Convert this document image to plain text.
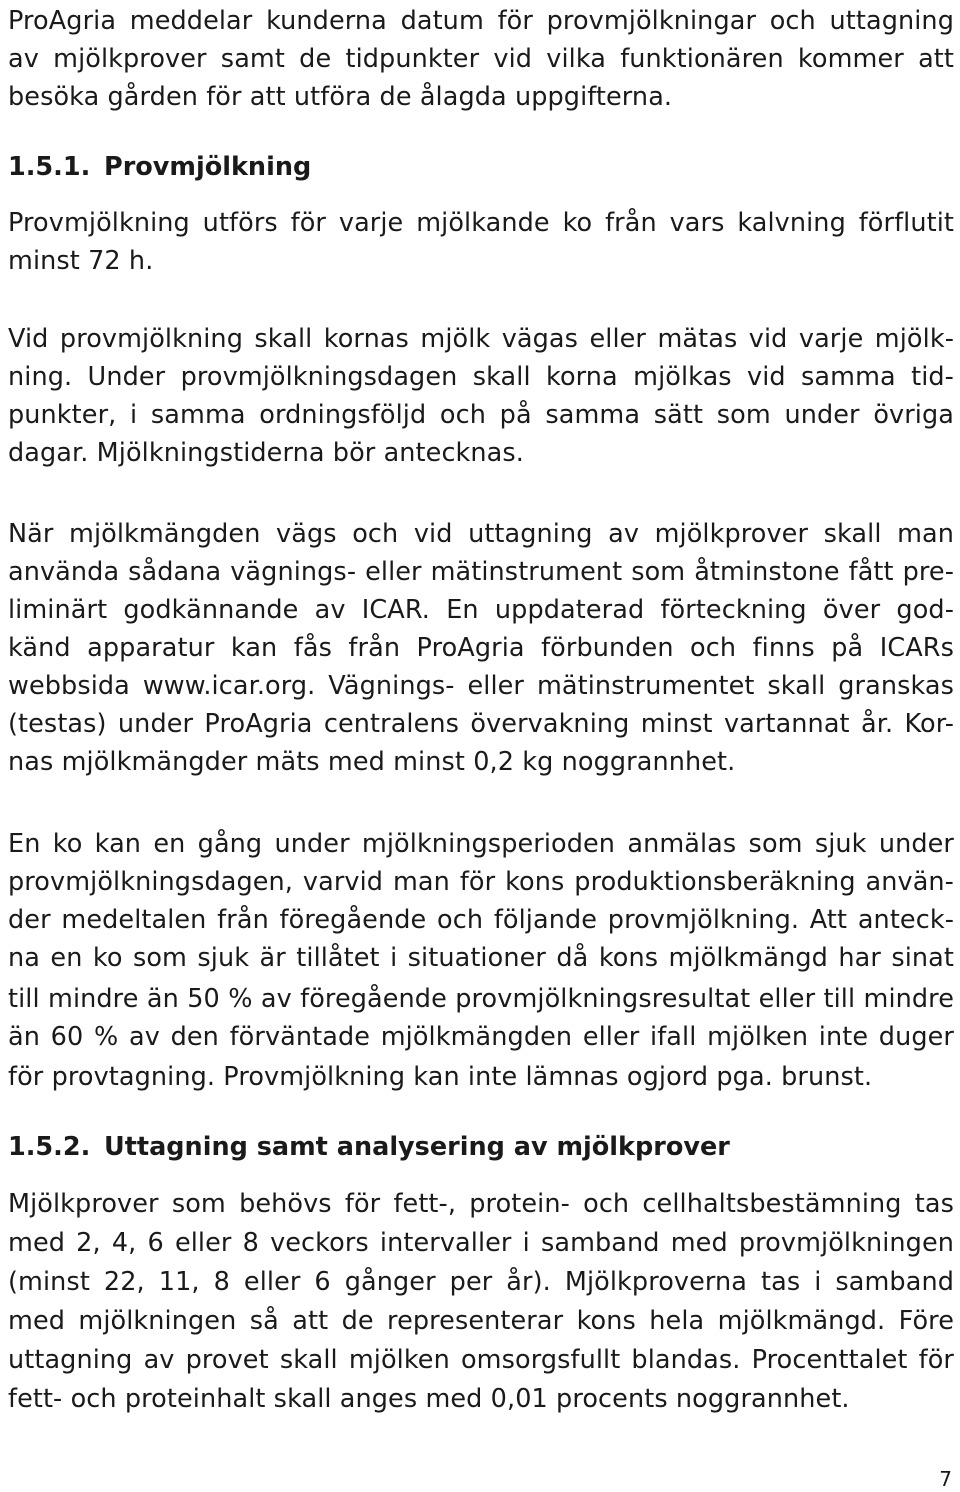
ProAgria meddelar kunderna datum för provmjölkningar och uttagning
av mjölkprover samt de tidpunkter vid vilka funktionären kommer att
besöka gården för att utföra de ålagda uppgifterna.
1.5.1. Provmjölkning
Provmjölkning utförs för varje mjölkande ko från vars kalvning förflutit
minst 72 h.
Vid provmjölkning skall kornas mjölk vägas eller mätas vid varje mjölk-
ning. Under provmjölkningsdagen skall korna mjölkas vid samma tid-
punkter, i samma ordningsföljd och på samma sätt som under övriga
dagar. Mjölkningstiderna bör antecknas.
När mjölkmängden vägs och vid uttagning av mjölkprover skall man
använda sådana vägnings- eller mätinstrument som åtminstone fått pre-
liminärt godkännande av ICAR. En uppdaterad förteckning över god-
känd apparatur kan fås från ProAgria förbunden och finns på ICARs
webbsida www.icar.org. Vägnings- eller mätinstrumentet skall granskas
(testas) under ProAgria centralens övervakning minst vartannat år. Kor-
nas mjölkmängder mäts med minst 0,2 kg noggrannhet.
En ko kan en gång under mjölkningsperioden anmälas som sjuk under
provmjölkningsdagen, varvid man för kons produktionsberäkning använ-
der medeltalen från föregående och följande provmjölkning. Att anteck-
na en ko som sjuk är tillåtet i situationer då kons mjölkmängd har sinat
till mindre än 50 % av föregående provmjölkningsresultat eller till mindre
än 60 % av den förväntade mjölkmängden eller ifall mjölken inte duger
för provtagning. Provmjölkning kan inte lämnas ogjord pga. brunst.
1.5.2. Uttagning samt analysering av mjölkprover
Mjölkprover som behövs för fett-, protein- och cellhaltsbestämning tas
med 2, 4, 6 eller 8 veckors intervaller i samband med provmjölkningen
(minst 22, 11, 8 eller 6 gånger per år). Mjölkproverna tas i samband
med mjölkningen så att de representerar kons hela mjölkmängd. Före
uttagning av provet skall mjölken omsorgsfullt blandas. Procenttalet för
fett- och proteinhalt skall anges med 0,01 procents noggrannhet.
7
